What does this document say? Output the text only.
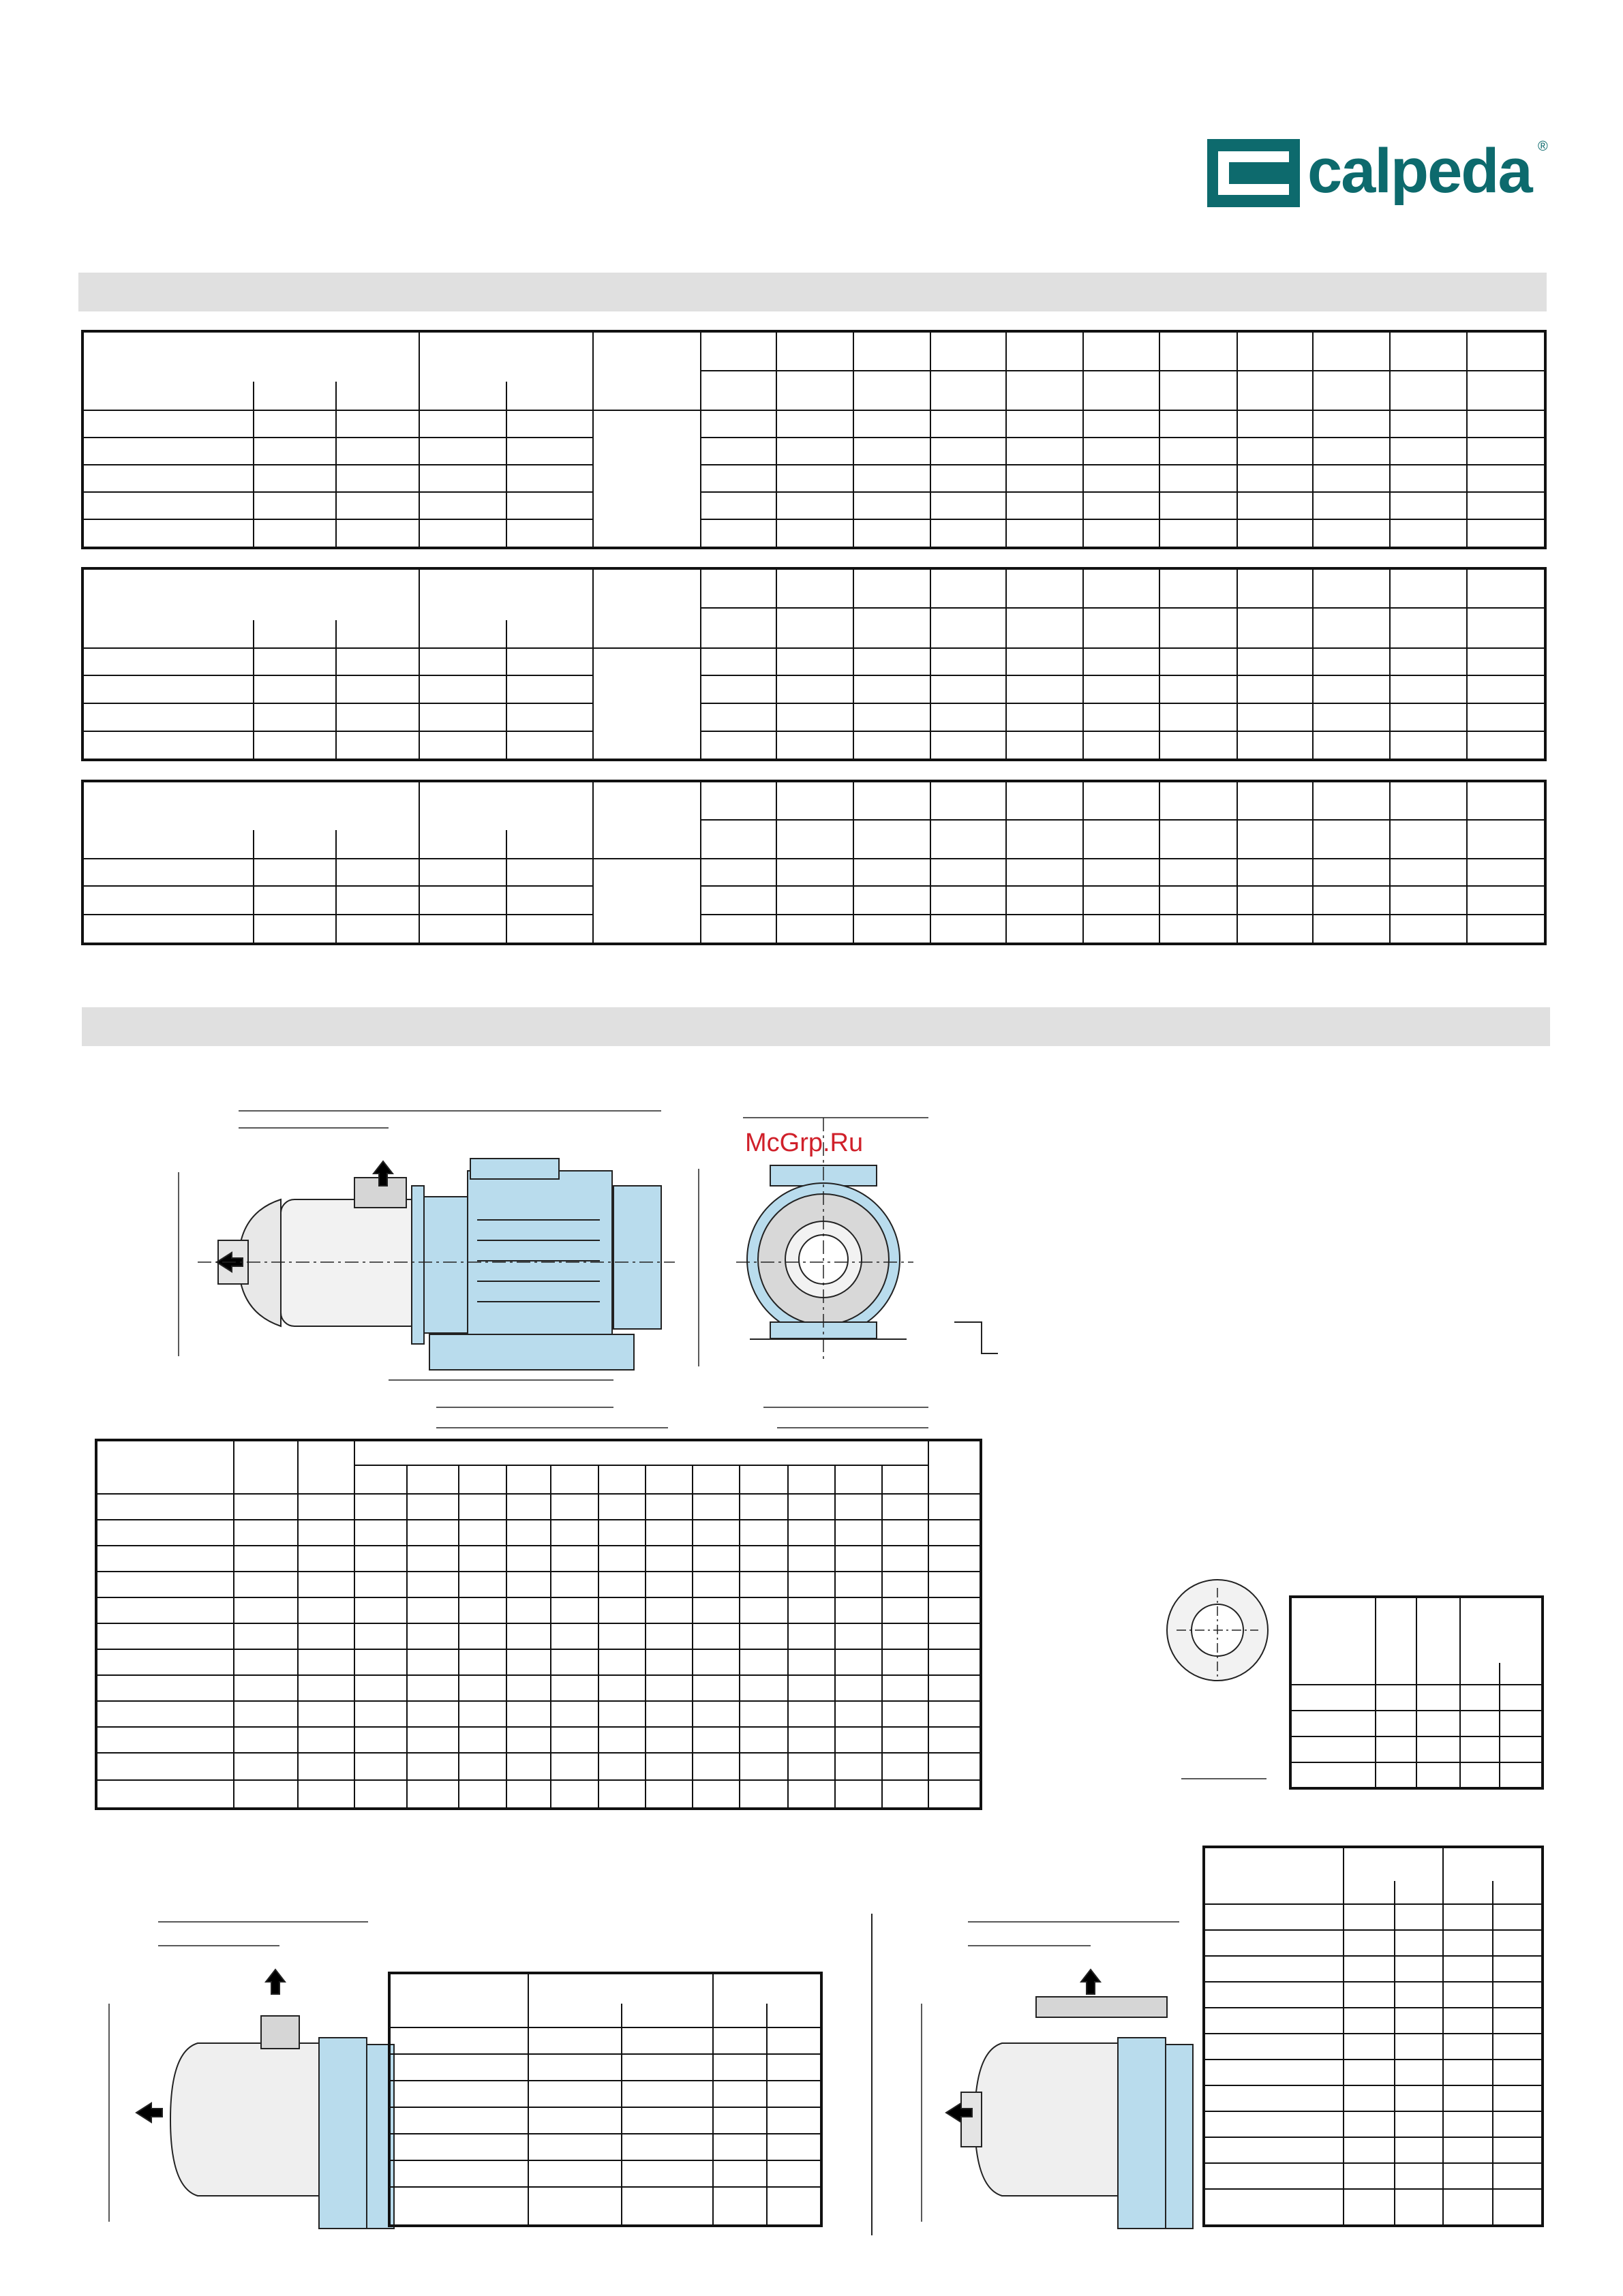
calpeda ®
McGrp.Ru
